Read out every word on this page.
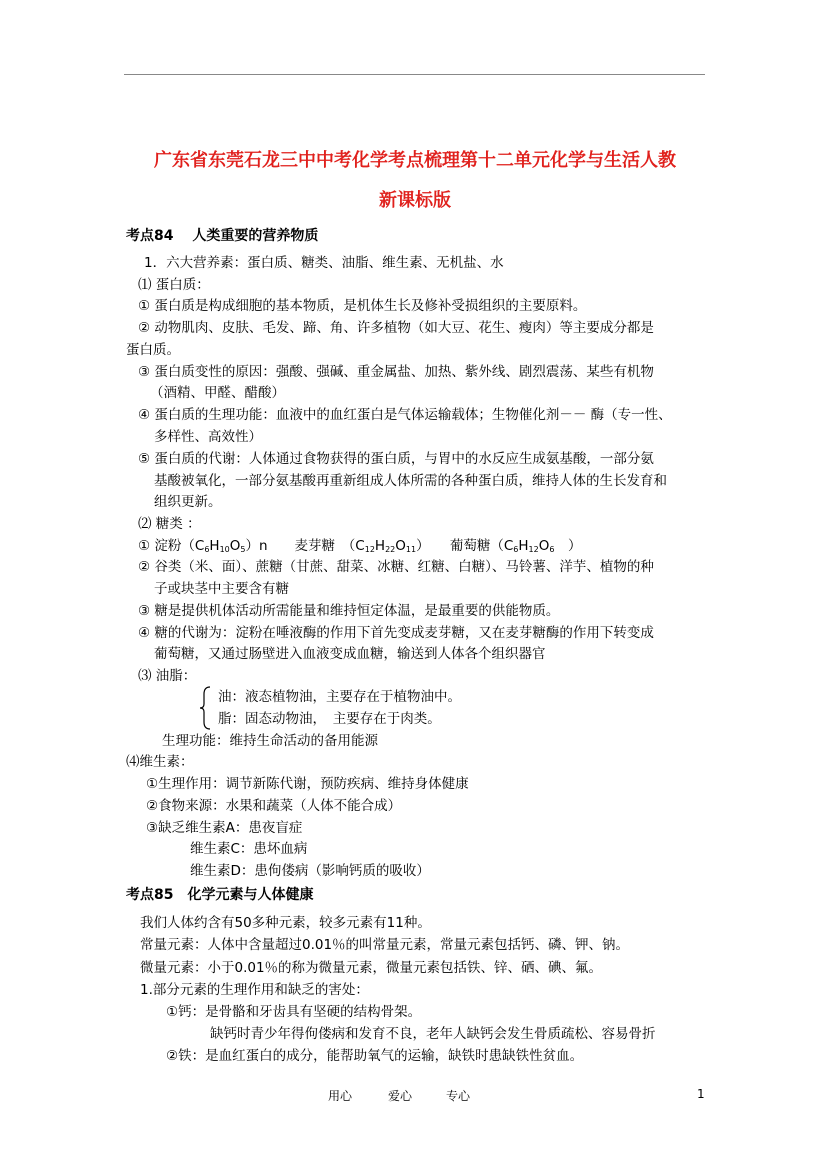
广东省东莞石龙三中中考化学考点梳理第十二单元化学与生活人教
新课标版
考点84　 人类重要的营养物质
1．六大营养素：蛋白质、糖类、油脂、维生素、无机盐、水
⑴ 蛋白质：
① 蛋白质是构成细胞的基本物质，是机体生长及修补受损组织的主要原料。
② 动物肌肉、皮肤、毛发、蹄、角、许多植物（如大豆、花生、瘦肉）等主要成分都是
蛋白质。
③ 蛋白质变性的原因：强酸、强碱、重金属盐、加热、紫外线、剧烈震荡、某些有机物
（酒精、甲醛、醋酸）
④ 蛋白质的生理功能：血液中的血红蛋白是气体运输载体；生物催化剂－－ 酶（专一性、
多样性、高效性）
⑤ 蛋白质的代谢：人体通过食物获得的蛋白质，与胃中的水反应生成氨基酸，一部分氨
基酸被氧化，一部分氨基酸再重新组成人体所需的各种蛋白质，维持人体的生长发育和
组织更新。
⑵ 糖类 ：
① 淀粉$(C_6H_{10}O_5)n$　　麦芽糖　$(C_{12}H_{22}O_{11})$　　葡萄糖（$C_6H_{12}O_6$　）
② 谷类（米、面）、蔗糖（甘蔗、甜菜、冰糖、红糖、白糖）、马铃薯、洋芋、植物的种
子或块茎中主要含有糖
③ 糖是提供机体活动所需能量和维持恒定体温，是最重要的供能物质。
④ 糖的代谢为：淀粉在唾液酶的作用下首先变成麦芽糖，又在麦芽糖酶的作用下转变成
葡萄糖，又通过肠壁进入血液变成血糖，输送到人体各个组织器官
⑶ 油脂：
油：液态植物油，主要存在于植物油中。
脂：固态动物油，　主要存在于肉类。
生理功能：维持生命活动的备用能源
⑷维生素：
①生理作用：调节新陈代谢，预防疾病、维持身体健康
②食物来源：水果和蔬菜（人体不能合成）
③缺乏维生素A：患夜盲症
维生素C：患坏血病
维生素D：患佝偻病（影响钙质的吸收）
考点85　化学元素与人体健康
我们人体约含有50多种元素，较多元素有11种。
常量元素：人体中含量超过0.01％的叫常量元素，常量元素包括钙、磷、钾、钠。
微量元素：小于0.01％的称为微量元素，微量元素包括铁、锌、硒、碘、氟。
1.部分元素的生理作用和缺乏的害处：
①钙：是骨骼和牙齿具有坚硬的结构骨架。
缺钙时青少年得佝偻病和发育不良，老年人缺钙会发生骨质疏松、容易骨折
②铁：是血红蛋白的成分，能帮助氧气的运输，缺铁时患缺铁性贫血。
用心	爱心	专心	1
